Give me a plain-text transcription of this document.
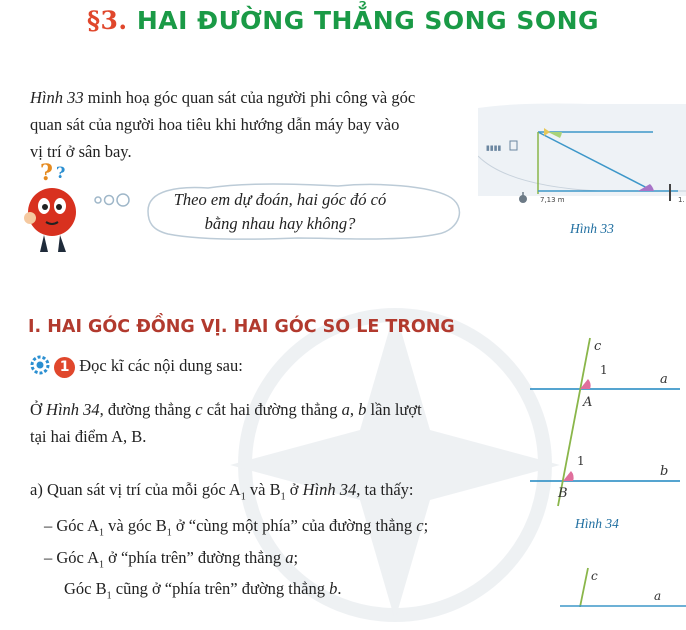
§3. HAI ĐƯỜNG THẲNG SONG SONG
Hình 33 minh hoạ góc quan sát của người phi công và góc
quan sát của người hoa tiêu khi hướng dẫn máy bay vào
vị trí ở sân bay.
? ?
Theo em dự đoán, hai góc đó có
bằng nhau hay không?
▮▮▮▮
7,13 m	1.
Hình 33
I. HAI GÓC ĐỒNG VỊ. HAI GÓC SO LE TRONG
1 Đọc kĩ các nội dung sau:
Ở Hình 34, đường thẳng c cắt hai đường thẳng a, b lần lượt
tại hai điểm A, B.
a) Quan sát vị trí của mỗi góc $A_1$ và $B_1$ ở Hình 34, ta thấy:
– Góc $A_1$ và góc $B_1$ ở “cùng một phía” của đường thẳng c;
– Góc $A_1$ ở “phía trên” đường thẳng a;
Góc $B_1$ cũng ở “phía trên” đường thẳng b.
c
a
b
1
1
A
B
Hình 34
c
a
